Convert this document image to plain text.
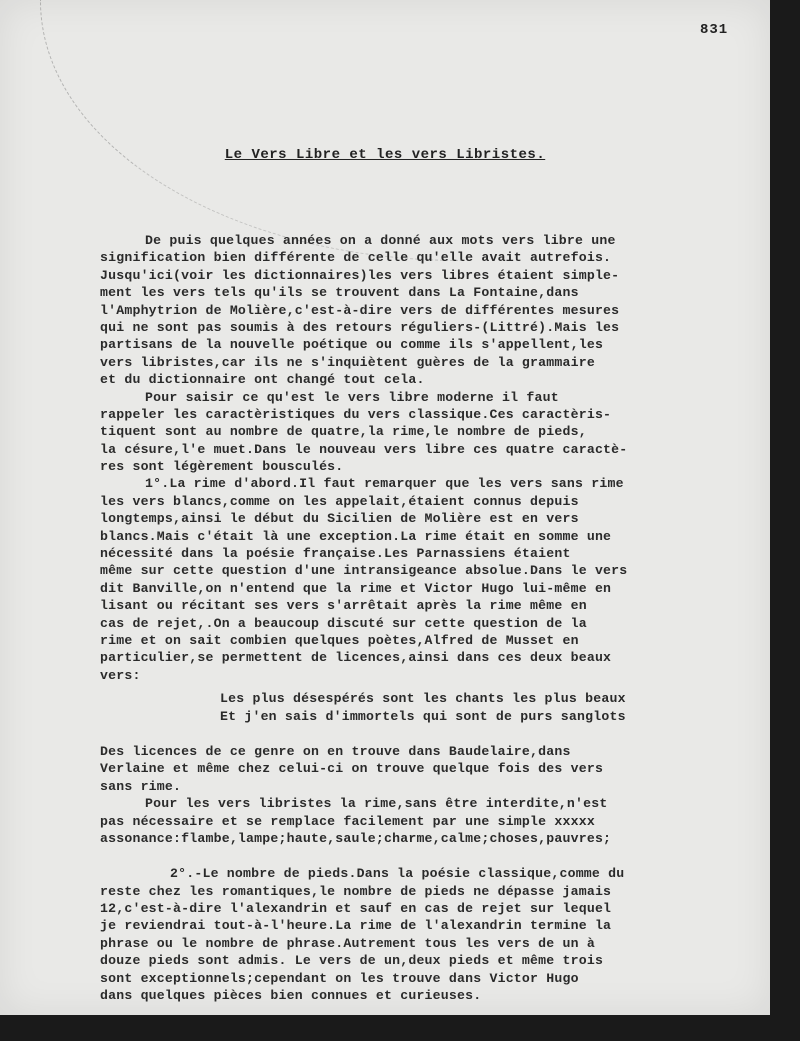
831
Le Vers Libre et les vers Libristes.
De puis quelques années on a donné aux mots vers libre une
signification bien différente de celle qu'elle avait autrefois.
Jusqu'ici(voir les dictionnaires)les vers libres étaient simple-
ment les vers tels qu'ils se trouvent dans La Fontaine,dans
l'Amphytrion de Molière,c'est-à-dire vers de différentes mesures
qui ne sont pas soumis à des retours réguliers-(Littré).Mais les
partisans de la nouvelle poétique ou comme ils s'appellent,les
vers libristes,car ils ne s'inquiètent guères de la grammaire
et du dictionnaire ont changé tout cela.
Pour saisir ce qu'est le vers libre moderne il faut
rappeler les caractèristiques du vers classique.Ces caractèris-
tiquent sont au nombre de quatre,la rime,le nombre de pieds,
la césure,l'e muet.Dans le nouveau vers libre ces quatre caractè-
res sont légèrement bousculés.
1°.La rime d'abord.Il faut remarquer que les vers sans rime
les vers blancs,comme on les appelait,étaient connus depuis
longtemps,ainsi le début du Sicilien de Molière est en vers
blancs.Mais c'était là une exception.La rime était en somme une
nécessité dans la poésie française.Les Parnassiens étaient
même sur cette question d'une intransigeance absolue.Dans le vers
dit Banville,on n'entend que la rime et Victor Hugo lui-même en
lisant ou récitant ses vers s'arrêtait après la rime même en
cas de rejet,.On a beaucoup discuté sur cette question de la
rime et on sait combien quelques poètes,Alfred de Musset en
particulier,se permettent de licences,ainsi dans ces deux beaux
vers:
Les plus désespérés sont les chants les plus beaux
Et j'en sais d'immortels qui sont de purs sanglots
Des licences de ce genre on en trouve dans Baudelaire,dans
Verlaine et même chez celui-ci on trouve quelque fois des vers
sans rime.
Pour les vers libristes la rime,sans être interdite,n'est
pas nécessaire et se remplace facilement par une simple xxxxx
assonance:flambe,lampe;haute,saule;charme,calme;choses,pauvres;
2°.-Le nombre de pieds.Dans la poésie classique,comme du
reste chez les romantiques,le nombre de pieds ne dépasse jamais
12,c'est-à-dire l'alexandrin et sauf en cas de rejet sur lequel
je reviendrai tout-à-l'heure.La rime de l'alexandrin termine la
phrase ou le nombre de phrase.Autrement tous les vers de un à
douze pieds sont admis. Le vers de un,deux pieds et même trois
sont exceptionnels;cependant on les trouve dans Victor Hugo
dans quelques pièces bien connues et curieuses.
